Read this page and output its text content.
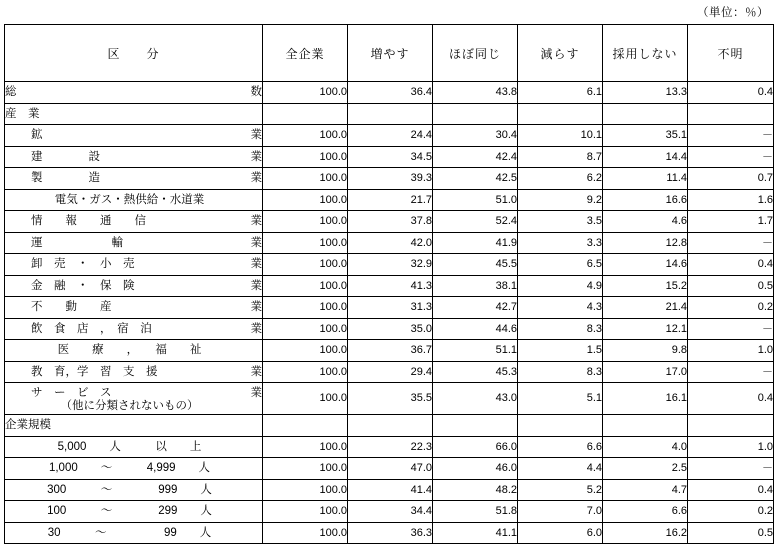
（単位：％）
区　　分	全企業	増やす	ほぼ同じ	減らす	採用しない	不明

総 数	100.0	36.4	43.8	6.1	13.3	0.4

産　業						

鉱 業	100.0	24.4	30.4	10.1	35.1	－

建　　　　設 業	100.0	34.5	42.4	8.7	14.4	－

製　　　　造 業	100.0	39.3	42.5	6.2	11.4	0.7

電気・ガス・熱供給・水道業	100.0	21.7	51.0	9.2	16.6	1.6

情　　報　　通　　信 業	100.0	37.8	52.4	3.5	4.6	1.7

運　　　　　　輸 業	100.0	42.0	41.9	3.3	12.8	－

卸　売　・　小　売 業	100.0	32.9	45.5	6.5	14.6	0.4

金　融　・　保　険 業	100.0	41.3	38.1	4.9	15.2	0.5

不　　動　　産 業	100.0	31.3	42.7	4.3	21.4	0.2

飲　食　店　，　宿　泊 業	100.0	35.0	44.6	8.3	12.1	－

医　　療　　，　　福　　祉	100.0	36.7	51.1	1.5	9.8	1.0

教　育，学　習　支　援 業	100.0	29.4	45.3	8.3	17.0	－

サ　ー　ビ　ス 業
（他に分類されないもの）	100.0	35.5	43.0	5.1	16.1	0.4

企業規模						

5,000　　人　　　以　　上	100.0	22.3	66.0	6.6	4.0	1.0

1,000　　～　　　4,999　　人	100.0	47.0	46.0	4.4	2.5	－

300　　　～　　　　999　　人	100.0	41.4	48.2	5.2	4.7	0.4

100　　　～　　　　299　　人	100.0	34.4	51.8	7.0	6.6	0.2

30　　　～　　　　　99　　人	100.0	36.3	41.1	6.0	16.2	0.5
